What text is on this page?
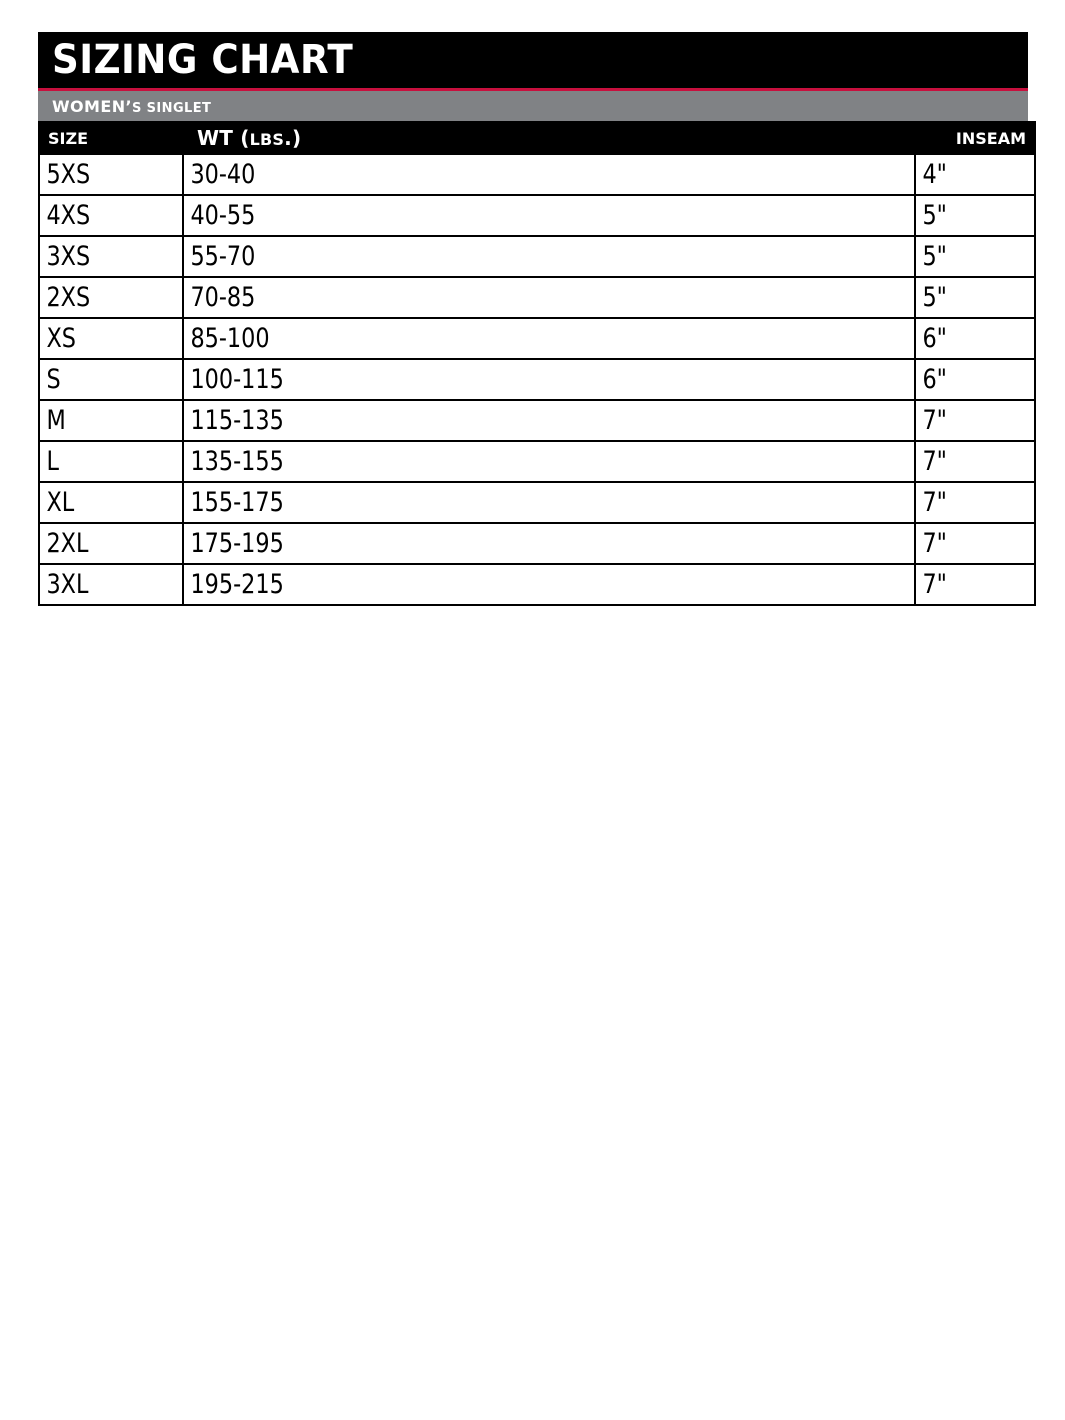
SIZING CHART
WOMEN’S SINGLET
SIZE	WT (LBS.)	INSEAM

5XS	30-40	4"

4XS	40-55	5"

3XS	55-70	5"

2XS	70-85	5"

XS	85-100	6"

S	100-115	6"

M	115-135	7"

L	135-155	7"

XL	155-175	7"

2XL	175-195	7"

3XL	195-215	7"
